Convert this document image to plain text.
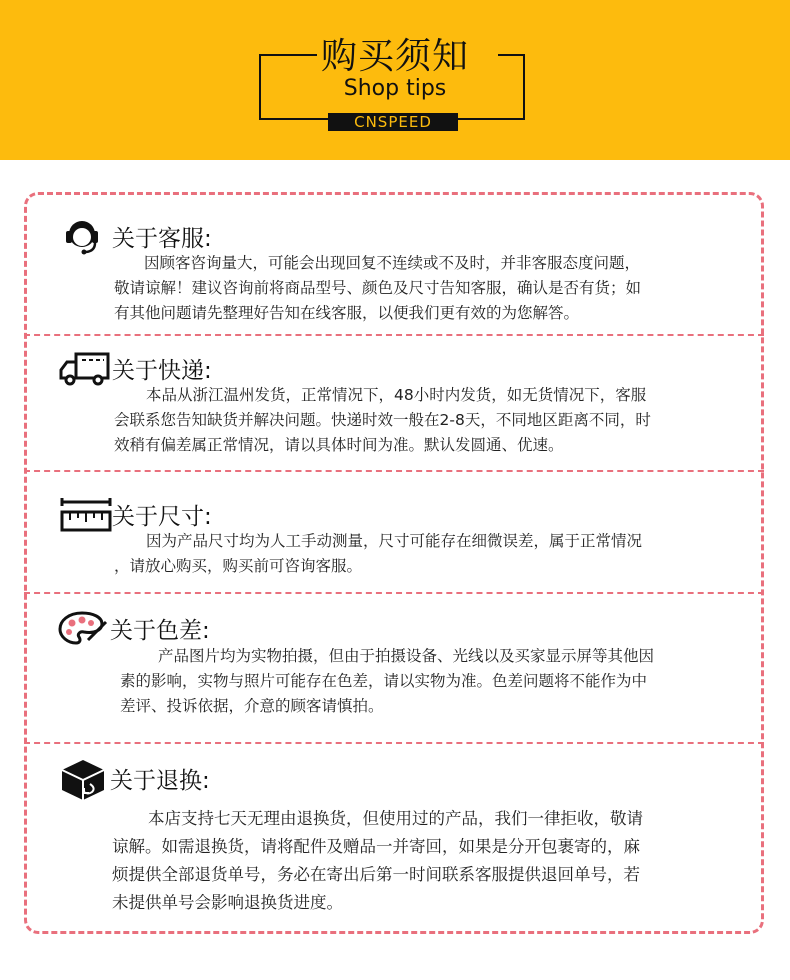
购买须知
Shop tips
CNSPEED
关于客服:
因顾客咨询量大，可能会出现回复不连续或不及时，并非客服态度问题，
敬请谅解！建议咨询前将商品型号、颜色及尺寸告知客服，确认是否有货；如
有其他问题请先整理好告知在线客服，以便我们更有效的为您解答。
关于快递:
本品从浙江温州发货，正常情况下，48小时内发货，如无货情况下，客服
会联系您告知缺货并解决问题。快递时效一般在2-8天，不同地区距离不同，时
效稍有偏差属正常情况，请以具体时间为准。默认发圆通、优速。
关于尺寸:
因为产品尺寸均为人工手动测量，尺寸可能存在细微误差，属于正常情况
，请放心购买，购买前可咨询客服。
关于色差:
产品图片均为实物拍摄，但由于拍摄设备、光线以及买家显示屏等其他因
素的影响，实物与照片可能存在色差，请以实物为准。色差问题将不能作为中
差评、投诉依据，介意的顾客请慎拍。
关于退换:
本店支持七天无理由退换货，但使用过的产品，我们一律拒收，敬请
谅解。如需退换货，请将配件及赠品一并寄回，如果是分开包裹寄的，麻
烦提供全部退货单号，务必在寄出后第一时间联系客服提供退回单号，若
未提供单号会影响退换货进度。
